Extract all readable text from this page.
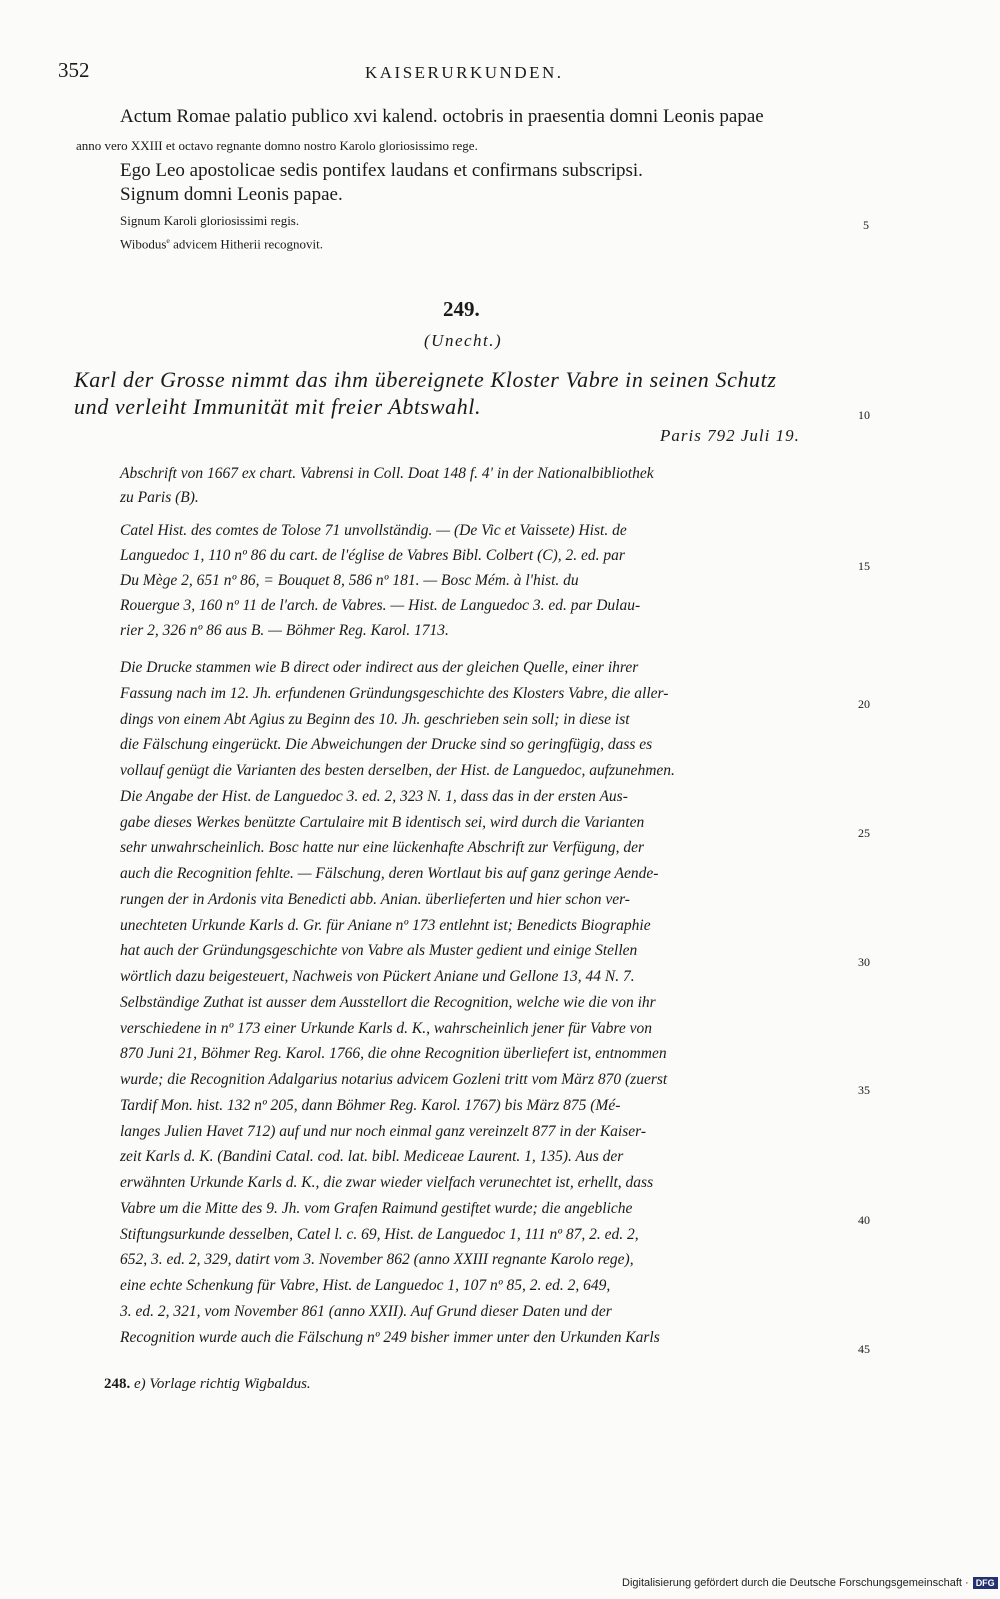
352	KAISERURKUNDEN.
Actum Romae palatio publico xvi kalend. octobris in praesentia domni Leonis papae
anno vero XXIII et octavo regnante domno nostro Karolo gloriosissimo rege.
Ego Leo apostolicae sedis pontifex laudans et confirmans subscripsi.
Signum domni Leonis papae.
Signum Karoli gloriosissimi regis.
Wibodus$^e$ advicem Hitherii recognovit.
249.
(Unecht.)
Karl der Grosse nimmt das ihm übereignete Kloster Vabre in seinen Schutz
und verleiht Immunität mit freier Abtswahl.
Paris 792 Juli 19.
Abschrift von 1667 ex chart. Vabrensi in Coll. Doat 148 f. 4' in der Nationalbibliothek
zu Paris (B).
Catel Hist. des comtes de Tolose 71 unvollständig. — (De Vic et Vaissete) Hist. de
Languedoc 1, 110 nº 86 du cart. de l'église de Vabres Bibl. Colbert (C), 2. ed. par
Du Mège 2, 651 nº 86, = Bouquet 8, 586 nº 181. — Bosc Mém. à l'hist. du
Rouergue 3, 160 nº 11 de l'arch. de Vabres. — Hist. de Languedoc 3. ed. par Dulau-
rier 2, 326 nº 86 aus B. — Böhmer Reg. Karol. 1713.
Die Drucke stammen wie B direct oder indirect aus der gleichen Quelle, einer ihrer
Fassung nach im 12. Jh. erfundenen Gründungsgeschichte des Klosters Vabre, die aller-
dings von einem Abt Agius zu Beginn des 10. Jh. geschrieben sein soll; in diese ist
die Fälschung eingerückt. Die Abweichungen der Drucke sind so geringfügig, dass es
vollauf genügt die Varianten des besten derselben, der Hist. de Languedoc, aufzunehmen.
Die Angabe der Hist. de Languedoc 3. ed. 2, 323 N. 1, dass das in der ersten Aus-
gabe dieses Werkes benützte Cartulaire mit B identisch sei, wird durch die Varianten
sehr unwahrscheinlich. Bosc hatte nur eine lückenhafte Abschrift zur Verfügung, der
auch die Recognition fehlte. — Fälschung, deren Wortlaut bis auf ganz geringe Aende-
rungen der in Ardonis vita Benedicti abb. Anian. überlieferten und hier schon ver-
unechteten Urkunde Karls d. Gr. für Aniane nº 173 entlehnt ist; Benedicts Biographie
hat auch der Gründungsgeschichte von Vabre als Muster gedient und einige Stellen
wörtlich dazu beigesteuert, Nachweis von Pückert Aniane und Gellone 13, 44 N. 7.
Selbständige Zuthat ist ausser dem Ausstellort die Recognition, welche wie die von ihr
verschiedene in nº 173 einer Urkunde Karls d. K., wahrscheinlich jener für Vabre von
870 Juni 21, Böhmer Reg. Karol. 1766, die ohne Recognition überliefert ist, entnommen
wurde; die Recognition Adalgarius notarius advicem Gozleni tritt vom März 870 (zuerst
Tardif Mon. hist. 132 nº 205, dann Böhmer Reg. Karol. 1767) bis März 875 (Mé-
langes Julien Havet 712) auf und nur noch einmal ganz vereinzelt 877 in der Kaiser-
zeit Karls d. K. (Bandini Catal. cod. lat. bibl. Mediceae Laurent. 1, 135). Aus der
erwähnten Urkunde Karls d. K., die zwar wieder vielfach verunechtet ist, erhellt, dass
Vabre um die Mitte des 9. Jh. vom Grafen Raimund gestiftet wurde; die angebliche
Stiftungsurkunde desselben, Catel l. c. 69, Hist. de Languedoc 1, 111 nº 87, 2. ed. 2,
652, 3. ed. 2, 329, datirt vom 3. November 862 (anno XXIII regnante Karolo rege),
eine echte Schenkung für Vabre, Hist. de Languedoc 1, 107 nº 85, 2. ed. 2, 649,
3. ed. 2, 321, vom November 861 (anno XXII). Auf Grund dieser Daten und der
Recognition wurde auch die Fälschung nº 249 bisher immer unter den Urkunden Karls
5
10
15
20
25
30
35
40
45
248. e) Vorlage richtig Wigbaldus.
Digitalisierung gefördert durch die Deutsche Forschungsgemeinschaft · DFG
